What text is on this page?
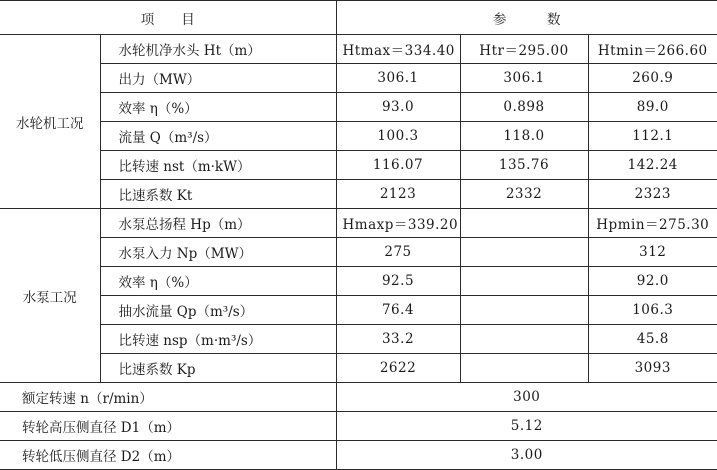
项　　目		参　　　数		
水轮机工况	水轮机净水头 Ht（m）	Htmax＝334.40	Htr＝295.00	Htmin＝266.60
	出力（MW）	306.1	306.1	260.9
	效率 η（%）	93.0	0.898	89.0
	流量 Q（m³/s）	100.3	118.0	112.1
	比转速 nst（m·kW）	116.07	135.76	142.24
	比速系数 Kt	2123	2332	2323
水泵工况	水泵总扬程 Hp（m）	Hmaxp＝339.20		Hpmin＝275.30
	水泵入力 Np（MW）	275		312
	效率 η（%）	92.5		92.0
	抽水流量 Qp（m³/s）	76.4		106.3
	比转速 nsp（m·m³/s）	33.2		45.8
	比速系数 Kp	2622		3093
额定转速 n（r/min）		300		
转轮高压侧直径 D1（m）		5.12		
转轮低压侧直径 D2（m）		3.00		
